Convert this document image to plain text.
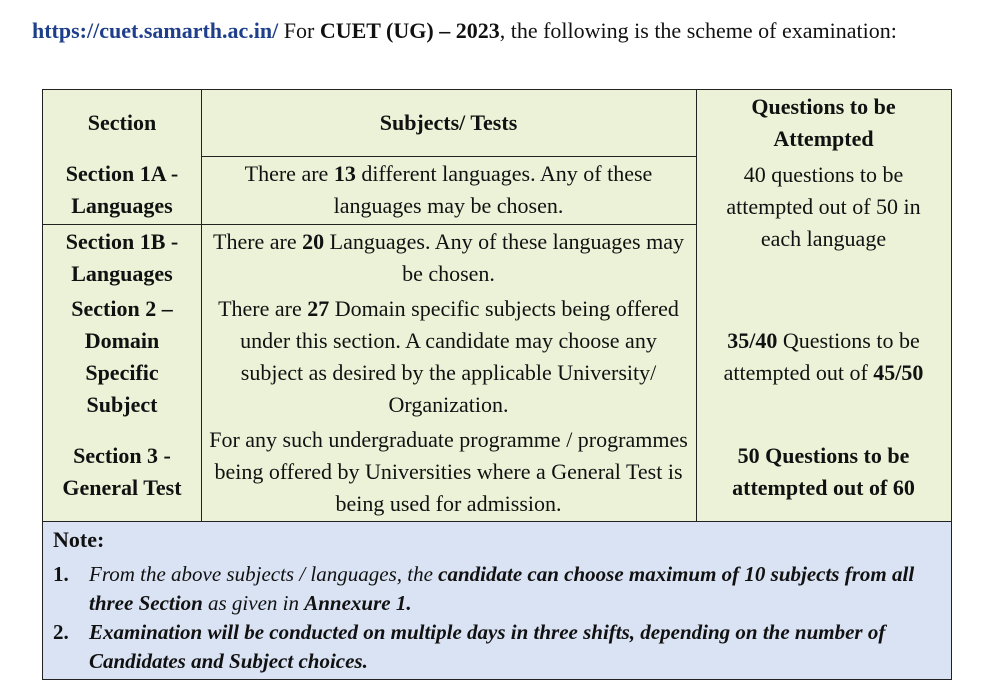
https://cuet.samarth.ac.in/ For CUET (UG) – 2023, the following is the scheme of examination:
Section	Subjects/ Tests
Questions to be Attempted
Section 1A - Languages
There are 13 different languages. Any of these languages may be chosen.
Section 1B - Languages
There are 20 Languages. Any of these languages may be chosen.
40 questions to be attempted out of 50 in each language
Section 2 – Domain Specific Subject
There are 27 Domain specific subjects being offered under this section. A candidate may choose any subject as desired by the applicable University/ Organization.
35/40 Questions to be attempted out of 45/50
Section 3 - General Test
For any such undergraduate programme / programmes being offered by Universities where a General Test is being used for admission.
50 Questions to be attempted out of 60
Note:
1. From the above subjects / languages, the candidate can choose maximum of 10 subjects from all three Section as given in Annexure 1.
2. Examination will be conducted on multiple days in three shifts, depending on the number of Candidates and Subject choices.
